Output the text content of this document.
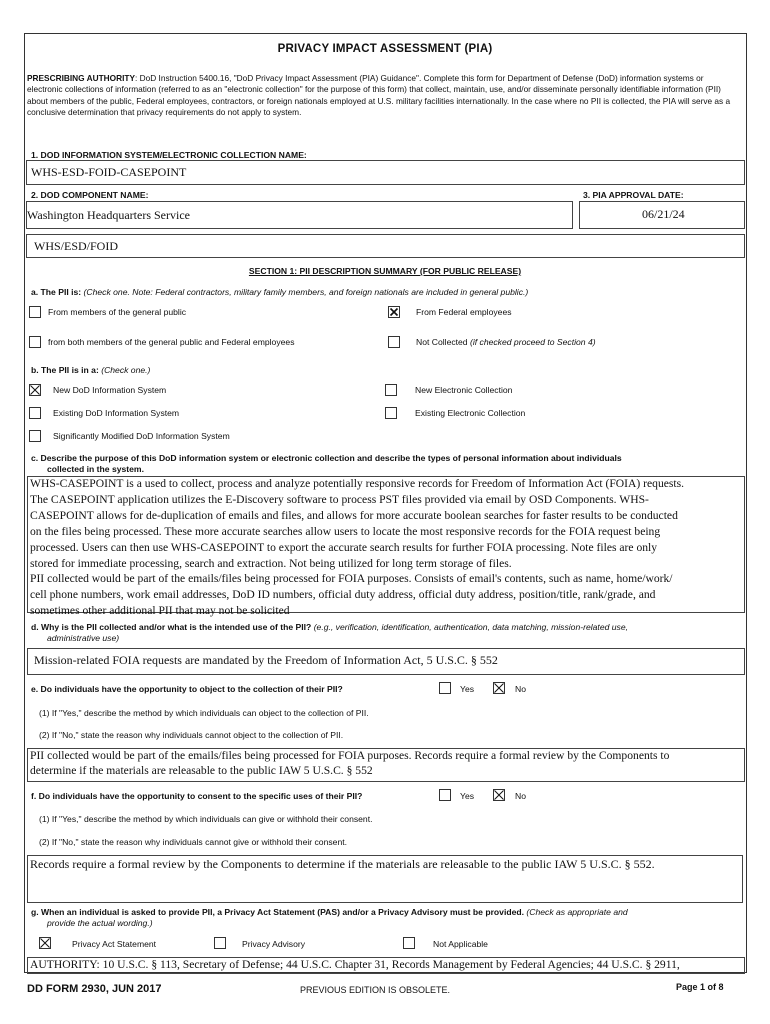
PRIVACY IMPACT ASSESSMENT (PIA)
PRESCRIBING AUTHORITY: DoD Instruction 5400.16, "DoD Privacy Impact Assessment (PIA) Guidance". Complete this form for Department of Defense (DoD) information systems or electronic collections of information (referred to as an "electronic collection" for the purpose of this form) that collect, maintain, use, and/or disseminate personally identifiable information (PII) about members of the public, Federal employees, contractors, or foreign nationals employed at U.S. military facilities internationally. In the case where no PII is collected, the PIA will serve as a conclusive determination that privacy requirements do not apply to system.
1. DOD INFORMATION SYSTEM/ELECTRONIC COLLECTION NAME:
WHS-ESD-FOID-CASEPOINT
2. DOD COMPONENT NAME:	3. PIA APPROVAL DATE:
Washington Headquarters Service	06/21/24
WHS/ESD/FOID
SECTION 1: PII DESCRIPTION SUMMARY (FOR PUBLIC RELEASE)
a. The PII is: (Check one. Note: Federal contractors, military family members, and foreign nationals are included in general public.)
From members of the general public	From Federal employees
from both members of the general public and Federal employees	Not Collected (if checked proceed to Section 4)
b. The PII is in a: (Check one.)
New DoD Information System	New Electronic Collection
Existing DoD Information System	Existing Electronic Collection
Significantly Modified DoD Information System
c. Describe the purpose of this DoD information system or electronic collection and describe the types of personal information about individuals
collected in the system.
WHS-CASEPOINT is a used to collect, process and analyze potentially responsive records for Freedom of Information Act (FOIA) requests.
The CASEPOINT application utilizes the E-Discovery software to process PST files provided via email by OSD Components. WHS-
CASEPOINT allows for de-duplication of emails and files, and allows for more accurate boolean searches for faster results to be conducted
on the files being processed. These more accurate searches allow users to locate the most responsive records for the FOIA request being
processed. Users can then use WHS-CASEPOINT to export the accurate search results for further FOIA processing. Note files are only
stored for immediate processing, search and extraction. Not being utilized for long term storage of files.
PII collected would be part of the emails/files being processed for FOIA purposes. Consists of email's contents, such as name, home/work/
cell phone numbers, work email addresses, DoD ID numbers, official duty address, official duty address, position/title, rank/grade, and
sometimes other additional PII that may not be solicited
d. Why is the PII collected and/or what is the intended use of the PII? (e.g., verification, identification, authentication, data matching, mission-related use,
administrative use)
Mission-related FOIA requests are mandated by the Freedom of Information Act, 5 U.S.C. § 552
e. Do individuals have the opportunity to object to the collection of their PII?	Yes	No
(1) If "Yes," describe the method by which individuals can object to the collection of PII.
(2) If "No," state the reason why individuals cannot object to the collection of PII.
PII collected would be part of the emails/files being processed for FOIA purposes. Records require a formal review by the Components to
determine if the materials are releasable to the public IAW 5 U.S.C. § 552
f. Do individuals have the opportunity to consent to the specific uses of their PII?	Yes	No
(1) If "Yes," describe the method by which individuals can give or withhold their consent.
(2) If "No," state the reason why individuals cannot give or withhold their consent.
Records require a formal review by the Components to determine if the materials are releasable to the public IAW 5 U.S.C. § 552.
g. When an individual is asked to provide PII, a Privacy Act Statement (PAS) and/or a Privacy Advisory must be provided. (Check as appropriate and
provide the actual wording.)
Privacy Act Statement	Privacy Advisory	Not Applicable
AUTHORITY: 10 U.S.C. § 113, Secretary of Defense; 44 U.S.C. Chapter 31, Records Management by Federal Agencies; 44 U.S.C. § 2911,
DD FORM 2930, JUN 2017	PREVIOUS EDITION IS OBSOLETE.	Page 1 of 8
